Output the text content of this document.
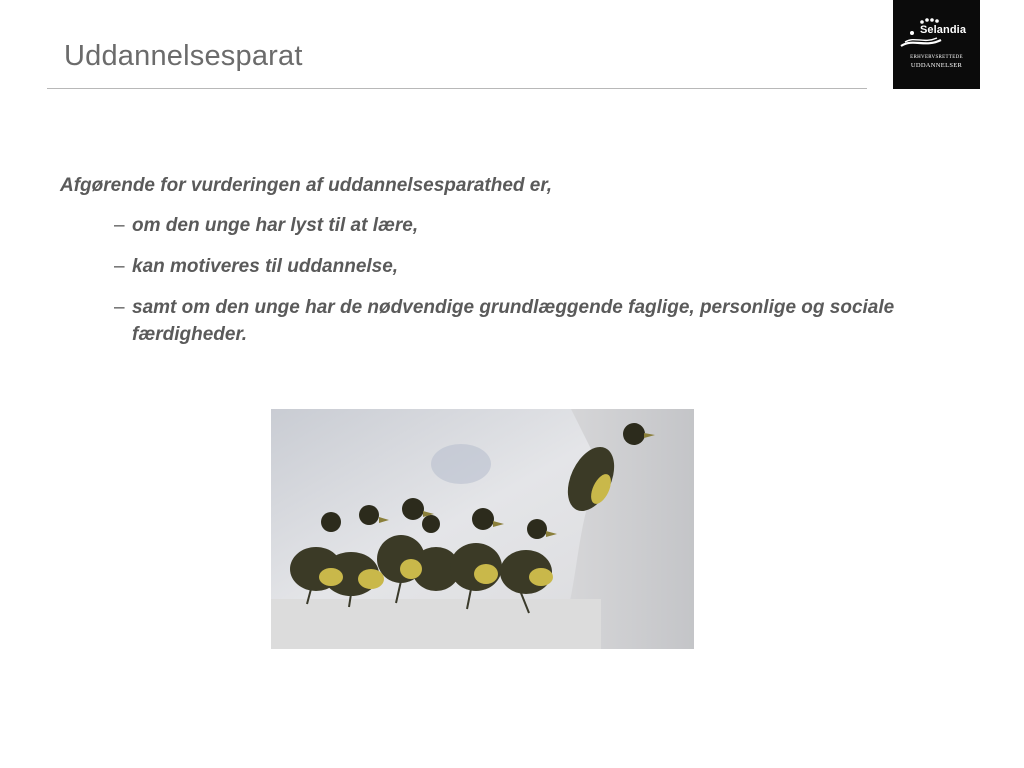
Uddannelsesparat
Selandia
ERHVERVSRETTEDE
UDDANNELSER
Afgørende for vurderingen af uddannelsesparathed er,
– om den unge har lyst til at lære,
– kan motiveres til uddannelse,
– samt om den unge har de nødvendige grundlæggende faglige, personlige og sociale færdigheder.
